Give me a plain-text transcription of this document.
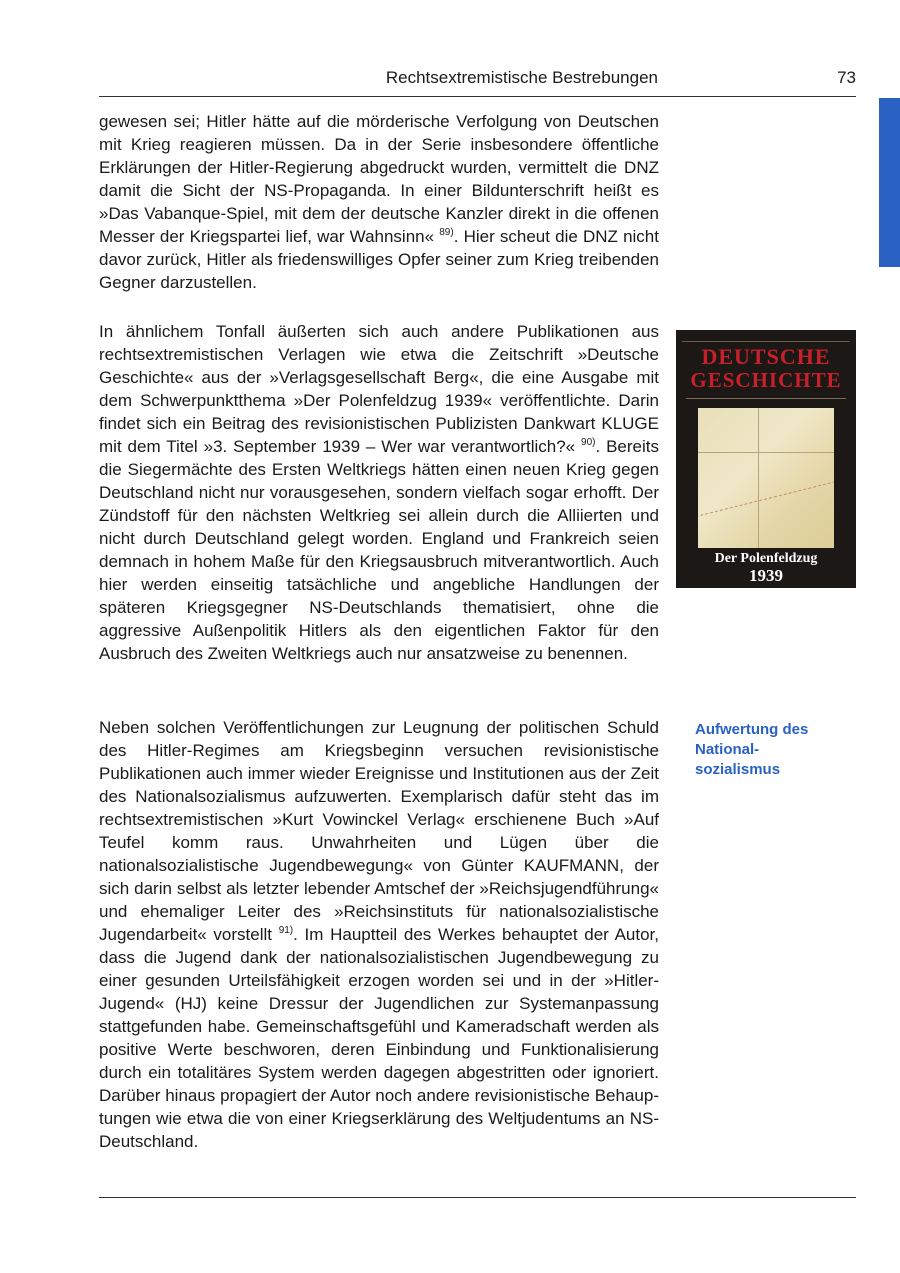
Rechtsextremistische Bestrebungen	73

gewesen sei; Hitler hätte auf die mörderische Verfolgung von Deutschen mit Krieg reagieren müssen. Da in der Serie insbesondere öffentliche Erklärungen der Hitler-Regierung abgedruckt wurden, vermittelt die DNZ damit die Sicht der NS-Propaganda. In einer Bildunterschrift heißt es »Das Vabanque-Spiel, mit dem der deutsche Kanzler direkt in die offenen Messer der Kriegspartei lief, war Wahnsinn« $^{89)}$. Hier scheut die DNZ nicht davor zurück, Hitler als friedenswilliges Opfer seiner zum Krieg treibenden Gegner darzustellen.

In ähnlichem Tonfall äußerten sich auch andere Publikationen aus rechtsextremistischen Verlagen wie etwa die Zeitschrift »Deutsche Geschichte« aus der »Verlagsgesellschaft Berg«, die eine Ausgabe mit dem Schwerpunktthema »Der Polenfeldzug 1939« veröffentlichte. Darin findet sich ein Beitrag des revisionistischen Publizisten Dankwart KLUGE mit dem Titel »3. September 1939 – Wer war verantwortlich?« $^{90)}$. Bereits die Siegermächte des Ersten Weltkriegs hätten einen neuen Krieg gegen Deutschland nicht nur vorausgesehen, sondern vielfach sogar erhofft. Der Zündstoff für den nächsten Weltkrieg sei allein durch die Alliierten und nicht durch Deutschland gelegt worden. England und Frankreich seien demnach in hohem Maße für den Kriegsausbruch mitverantwortlich. Auch hier werden einseitig tatsächliche und angebliche Handlungen der späteren Kriegsgegner NS-Deutschlands thematisiert, ohne die aggressive Außenpolitik Hitlers als den eigentlichen Faktor für den Ausbruch des Zweiten Weltkriegs auch nur ansatzweise zu benennen.

DEUTSCHE
GESCHICHTE
Der Polenfeldzug
1939
Aufwertung des
National-
sozialismus

Neben solchen Veröffentlichungen zur Leugnung der politischen Schuld des Hitler-Regimes am Kriegsbeginn versuchen revisionistische Publikationen auch immer wieder Ereignisse und Institutionen aus der Zeit des Nationalsozialismus aufzuwerten. Exemplarisch dafür steht das im rechtsextremistischen »Kurt Vowinckel Verlag« erschienene Buch »Auf Teufel komm raus. Unwahrheiten und Lügen über die nationalsozialistische Jugendbewegung« von Günter KAUFMANN, der sich darin selbst als letzter lebender Amtschef der »Reichsjugendführung« und ehemaliger Leiter des »Reichsinstituts für nationalsozialistische Jugendarbeit« vorstellt $^{91)}$. Im Hauptteil des Werkes behauptet der Autor, dass die Jugend dank der nationalsozialistischen Jugendbewegung zu einer gesunden Urteilsfähigkeit erzogen worden sei und in der »Hitler-Jugend« (HJ) keine Dressur der Jugendlichen zur Systemanpassung stattgefunden habe. Gemeinschaftsgefühl und Kameradschaft werden als positive Werte beschworen, deren Einbindung und Funktionalisierung durch ein totalitäres System werden dagegen abgestritten oder ignoriert. Darüber hinaus propagiert der Autor noch andere revisionistische Behauptungen wie etwa die von einer Kriegserklärung des Weltjudentums an NS-Deutschland.
